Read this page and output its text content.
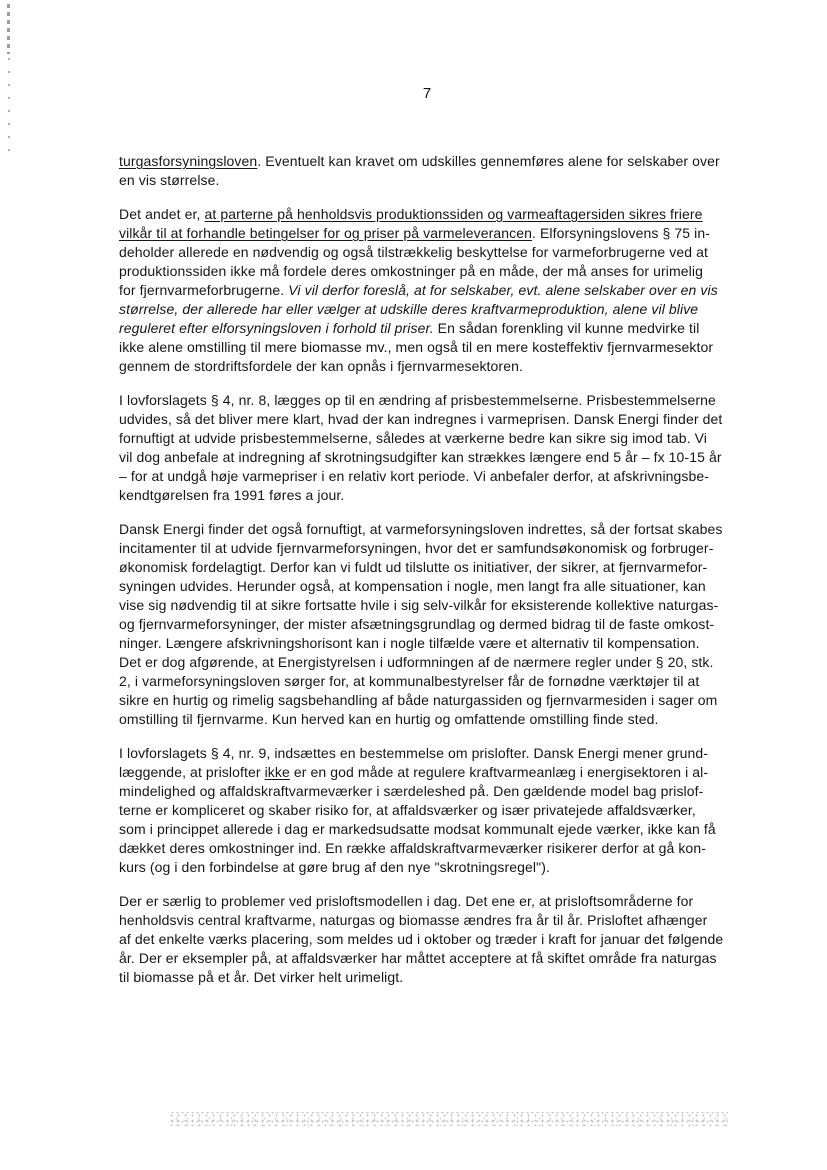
7
turgasforsyningsloven. Eventuelt kan kravet om udskilles gennemføres alene for selskaber over
en vis størrelse.
Det andet er, at parterne på henholdsvis produktionssiden og varmeaftagersiden sikres friere
vilkår til at forhandle betingelser for og priser på varmeleverancen. Elforsyningslovens § 75 in-
deholder allerede en nødvendig og også tilstrækkelig beskyttelse for varmeforbrugerne ved at
produktionssiden ikke må fordele deres omkostninger på en måde, der må anses for urimelig
for fjernvarmeforbrugerne. Vi vil derfor foreslå, at for selskaber, evt. alene selskaber over en vis
størrelse, der allerede har eller vælger at udskille deres kraftvarmeproduktion, alene vil blive
reguleret efter elforsyningsloven i forhold til priser. En sådan forenkling vil kunne medvirke til
ikke alene omstilling til mere biomasse mv., men også til en mere kosteffektiv fjernvarmesektor
gennem de stordriftsfordele der kan opnås i fjernvarmesektoren.
I lovforslagets § 4, nr. 8, lægges op til en ændring af prisbestemmelserne. Prisbestemmelserne
udvides, så det bliver mere klart, hvad der kan indregnes i varmeprisen. Dansk Energi finder det
fornuftigt at udvide prisbestemmelserne, således at værkerne bedre kan sikre sig imod tab. Vi
vil dog anbefale at indregning af skrotningsudgifter kan strækkes længere end 5 år – fx 10-15 år
– for at undgå høje varmepriser i en relativ kort periode. Vi anbefaler derfor, at afskrivningsbe-
kendtgørelsen fra 1991 føres a jour.
Dansk Energi finder det også fornuftigt, at varmeforsyningsloven indrettes, så der fortsat skabes
incitamenter til at udvide fjernvarmeforsyningen, hvor det er samfundsøkonomisk og forbruger-
økonomisk fordelagtigt. Derfor kan vi fuldt ud tilslutte os initiativer, der sikrer, at fjernvarmefor-
syningen udvides. Herunder også, at kompensation i nogle, men langt fra alle situationer, kan
vise sig nødvendig til at sikre fortsatte hvile i sig selv-vilkår for eksisterende kollektive naturgas-
og fjernvarmeforsyninger, der mister afsætningsgrundlag og dermed bidrag til de faste omkost-
ninger. Længere afskrivningshorisont kan i nogle tilfælde være et alternativ til kompensation.
Det er dog afgørende, at Energistyrelsen i udformningen af de nærmere regler under § 20, stk.
2, i varmeforsyningsloven sørger for, at kommunalbestyrelser får de fornødne værktøjer til at
sikre en hurtig og rimelig sagsbehandling af både naturgassiden og fjernvarmesiden i sager om
omstilling til fjernvarme. Kun herved kan en hurtig og omfattende omstilling finde sted.
I lovforslagets § 4, nr. 9, indsættes en bestemmelse om prislofter. Dansk Energi mener grund-
læggende, at prislofter ikke er en god måde at regulere kraftvarmeanlæg i energisektoren i al-
mindelighed og affaldskraftvarmeværker i særdeleshed på. Den gældende model bag prislof-
terne er kompliceret og skaber risiko for, at affaldsværker og især privatejede affaldsværker,
som i princippet allerede i dag er markedsudsatte modsat kommunalt ejede værker, ikke kan få
dækket deres omkostninger ind. En række affaldskraftvarmeværker risikerer derfor at gå kon-
kurs (og i den forbindelse at gøre brug af den nye "skrotningsregel").
Der er særlig to problemer ved prisloftsmodellen i dag. Det ene er, at prisloftsområderne for
henholdsvis central kraftvarme, naturgas og biomasse ændres fra år til år. Prisloftet afhænger
af det enkelte værks placering, som meldes ud i oktober og træder i kraft for januar det følgende
år. Der er eksempler på, at affaldsværker har måttet acceptere at få skiftet område fra naturgas
til biomasse på et år. Det virker helt urimeligt.
